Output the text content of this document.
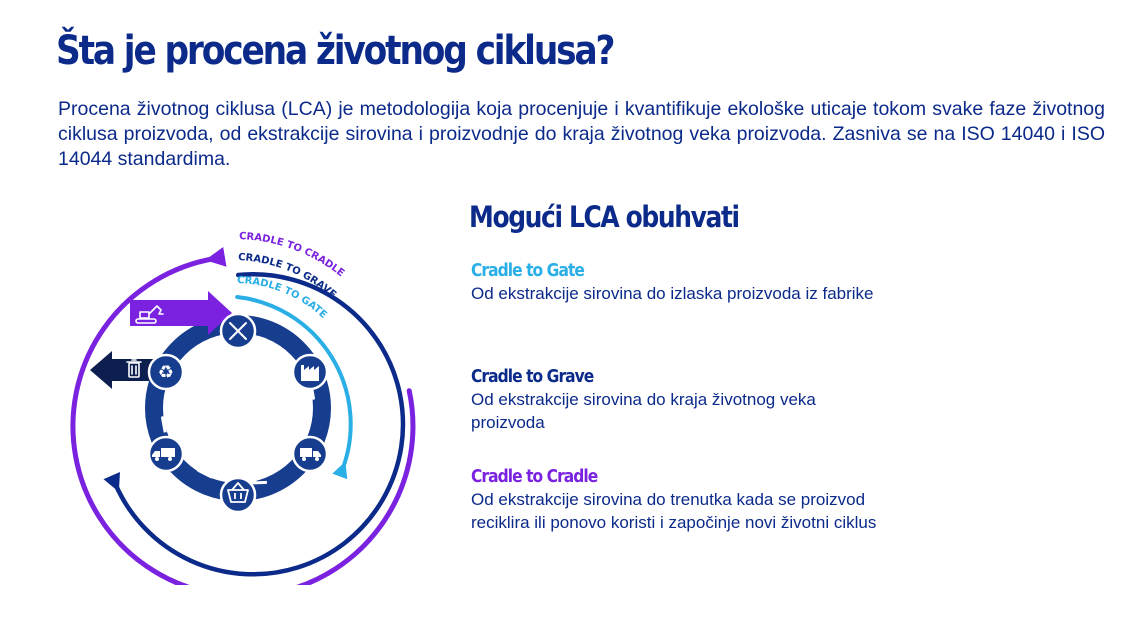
Šta je procena životnog ciklusa?

Procena životnog ciklusa (LCA) je metodologija koja procenjuje i kvantifikuje ekološke uticaje tokom svake faze životnog ciklusa proizvoda, od ekstrakcije sirovina i proizvodnje do kraja životnog veka proizvoda. Zasniva se na ISO 14040 i ISO 14044 standardima.

CRADLE TO CRADLE
CRADLE TO GRAVE
CRADLE TO GATE
♻
Mogući LCA obuhvati
Cradle to Gate
Od ekstrakcije sirovina do izlaska proizvoda iz fabrike
Cradle to Grave
Od ekstrakcije sirovina do kraja životnog veka proizvoda
Cradle to Cradle
Od ekstrakcije sirovina do trenutka kada se proizvod reciklira ili ponovo koristi i započinje novi životni ciklus
